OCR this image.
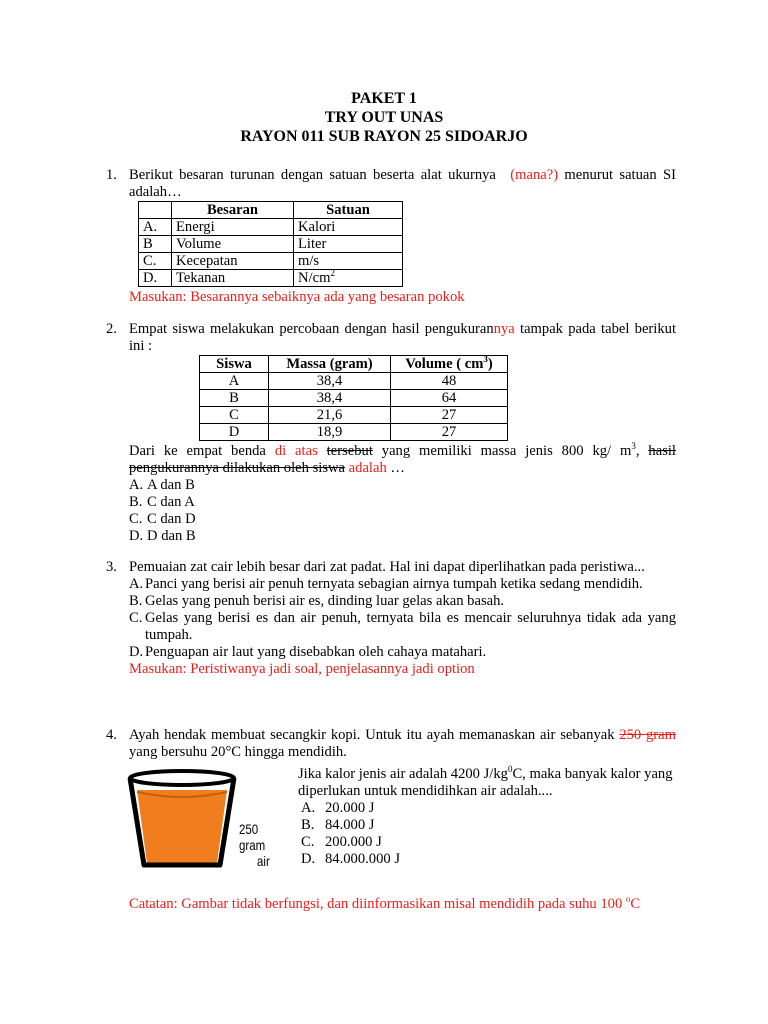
PAKET 1
TRY OUT UNAS
RAYON 011 SUB RAYON 25 SIDOARJO
1. Berikut besaran turunan dengan satuan beserta alat ukurnya (mana?) menurut satuan SI adalah…
	Besaran	Satuan
A.	Energi	Kalori
B	Volume	Liter
C.	Kecepatan	m/s
D.	Tekanan	$N/cm^2$
Masukan: Besarannya sebaiknya ada yang besaran pokok
2. Empat siswa melakukan percobaan dengan hasil pengukurannya tampak pada tabel berikut ini :
Siswa	Massa (gram)	Volume ( $cm^3$)
A	38,4	48
B	38,4	64
C	21,6	27
D	18,9	27
Dari ke empat benda di atas tersebut yang memiliki massa jenis 800 kg/ $m^3$, hasil pengukurannya dilakukan oleh siswa adalah …
A. A dan B
B. C dan A
C. C dan D
D. D dan B
3. Pemuaian zat cair lebih besar dari zat padat. Hal ini dapat diperlihatkan pada peristiwa...
A. Panci yang berisi air penuh ternyata sebagian airnya tumpah ketika sedang mendidih.
B. Gelas yang penuh berisi air es, dinding luar gelas akan basah.
C. Gelas yang berisi es dan air penuh, ternyata bila es mencair seluruhnya tidak ada yang tumpah.
D. Penguapan air laut yang disebabkan oleh cahaya matahari.
Masukan: Peristiwanya jadi soal, penjelasannya jadi option
4. Ayah hendak membuat secangkir kopi. Untuk itu ayah memanaskan air sebanyak 250 gram yang bersuhu 20°C hingga mendidih.
250 gram
air
Jika kalor jenis air adalah 4200 $J/kg^0C$, maka banyak kalor yang diperlukan untuk mendidihkan air adalah....
A. 20.000 J
B. 84.000 J
C. 200.000 J
D. 84.000.000 J
Catatan: Gambar tidak berfungsi, dan diinformasikan misal mendidih pada suhu 100 $^o$C
